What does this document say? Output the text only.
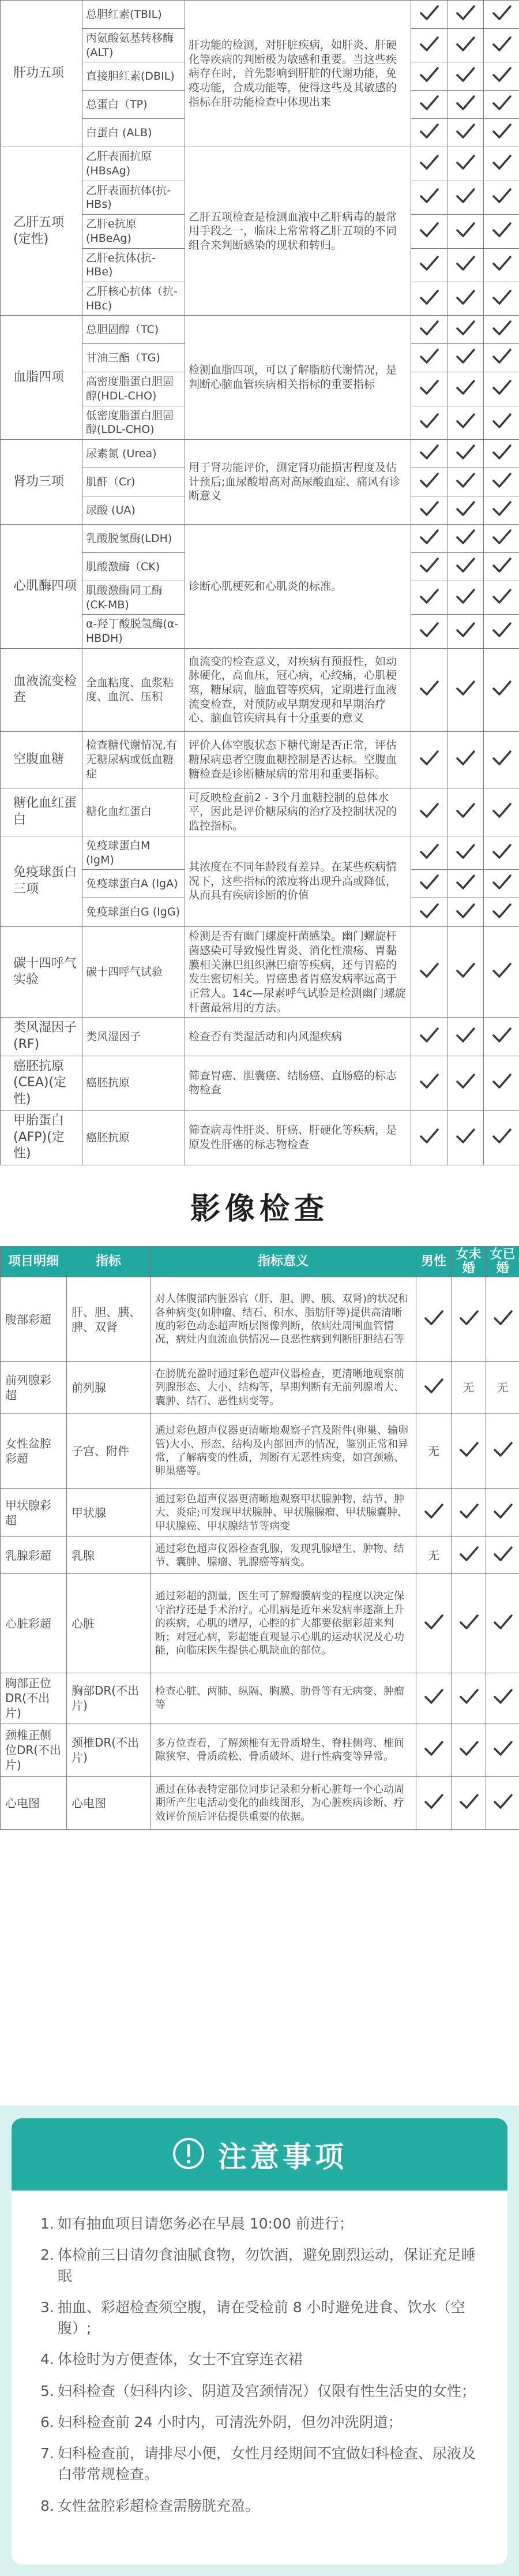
肝功五项	总胆红素(TBIL)	肝功能的检测，对肝脏疾病，如肝炎、肝硬化等疾病的判断极为敏感和重要。当这些疾病存在时，首先影响到肝脏的代谢功能，免疫功能，合成功能等，使得这些及其敏感的指标在肝功能检查中体现出来	

	丙氨酸氨基转移酶(ALT)	

	直接胆红素(DBIL)	

	总蛋白（TP)	

	白蛋白 (ALB)	

乙肝五项(定性)	乙肝表面抗原(HBsAg)	乙肝五项检查是检测血液中乙肝病毒的最常用手段之一，临床上常常将乙肝五项的不同组合来判断感染的现状和转归。	

	乙肝表面抗体(抗-HBs)	

	乙肝e抗原(HBeAg)	

	乙肝e抗体(抗-HBe)	

	乙肝核心抗体（抗-HBc)	

血脂四项	总胆固醇（TC)	检测血脂四项，可以了解脂肪代谢情况，是判断心脑血管疾病相关指标的重要指标	

	甘油三酯（TG)	

	高密度脂蛋白胆固醇(HDL-CHO)	

	低密度脂蛋白胆固醇(LDL-CHO)	

肾功三项	尿素氮 (Urea)	用于肾功能评价，测定肾功能损害程度及估计预后;血尿酸增高对高尿酸血症、痛风有诊断意义	

	肌酐（Cr)	

	尿酸 (UA)	

心肌酶四项	乳酸脱氢酶(LDH)	诊断心肌梗死和心肌炎的标准。	

	肌酸激酶（CK)	

	肌酸激酶同工酶(CK-MB)	

	α-羟丁酸脱氢酶(α-HBDH)	

血液流变检查	全血粘度、血浆粘度、血沉、压积	血流变的检查意义，对疾病有预报性，如动脉硬化，高血压，冠心病，心绞痛，心肌梗塞，糖尿病，脑血管等疾病，定期进行血液流变检查，对预防或早期发现和早期治疗心、脑血管疾病具有十分重要的意义	

空腹血糖	检查糖代谢情况,有无糖尿病或低血糖症	评价人体空腹状态下糖代谢是否正常，评估糖尿病患者空腹血糖控制是否达标。空腹血糖检查是诊断糖尿病的常用和重要指标。	

糖化血红蛋白	糖化血红蛋白	可反映检查前2 - 3个月血糖控制的总体水平，因此是评价糖尿病的治疗及控制状况的监控指标。	

免疫球蛋白三项	免疫球蛋白M (IgM)	其浓度在不同年龄段有差异。在某些疾病情况下，这些指标的浓度将出现升高或降低，从而具有疾病诊断的价值	

	免疫球蛋白A (IgA)	

	免疫球蛋白G (IgG)	

碳十四呼气实验	碳十四呼气试验	检测是否有幽门螺旋杆菌感染。幽门螺旋杆菌感染可导致慢性胃炎、消化性溃疡、胃黏膜相关淋巴组织淋巴瘤等疾病，还与胃癌的发生密切相关。胃癌患者胃癌发病率远高于正常人。14c—尿素呼气试验是检测幽门螺旋杆菌最常用的方法。	

类风湿因子(RF)	类风湿因子	检查否有类湿活动和内风湿疾病	

癌胚抗原(CEA)(定性)	癌胚抗原	筛查胃癌、胆囊癌、结肠癌、直肠癌的标志物检查	

甲胎蛋白(AFP)(定性)	癌胚抗原	筛查病毒性肝炎、肝癌、肝硬化等疾病，是原发性肝癌的标志物检查	

影像检查
项目明细	指标	指标意义	男性	女未婚	女已婚
腹部彩超	肝、胆、胰、脾、双肾	对人体腹部内脏器官（肝、胆、脾、胰、双肾)的状况和各种病变(如肿瘤、结石、积水、脂肪肝等)提供高清晰度的彩色动态超声断层图像判断，依病灶周围血管情况，病灶内血流血供情况—良恶性病到判断肝胆结石等	

前列腺彩超	前列腺	在膀胱充盈时通过彩色超声仪器检查，更清晰地观察前列腺形态、大小、结构等，早期判断有无前列腺增大、囊肿、结石、恶性病变等。		无	无
女性盆腔彩超	子宫、附件	通过彩色超声仪器更清晰地观察子宫及附件(卵巢、输卵管)大小、形态、结构及内部回声的情况，鉴别正常和异常，了解病变的性质，判断有无恶性病变，如宫颈癌、卵巢癌等。	无	

甲状腺彩超	甲状腺	通过彩色超声仪器更清晰地观察甲状腺肿物、结节、肿大、炎症;可发现甲状腺肿、甲状腺腺瘤、甲状腺囊肿、甲状腺癌、甲状腺结节等病变	

乳腺彩超	乳腺	通过彩色超声仪器检查乳腺，发现乳腺增生、肿物、结节、囊肿、腺瘤、乳腺癌等病变。	无	

心脏彩超	心脏	通过彩超的测量，医生可了解瓣膜病变的程度以决定保守治疗还是手术治疗。心肌病是近年来发病率逐渐上升的疾病，心肌的增厚，心腔的扩大都要依据彩超来判断；对冠心病，彩超能直观显示心肌的运动状况及心功能，向临床医生提供心肌缺血的部位。	

胸部正位DR(不出片)	胸部DR(不出片)	检查心脏、两肺、纵隔、胸膜、肋骨等有无病变、肿瘤等	

颈椎正侧位DR(不出片)	颈椎DR(不出片)	多方位查看，了解颈椎有无骨质增生、脊柱侧弯、椎间隙狭窄、骨质疏松、骨质破坏、进行性病变等异常。	

心电图	心电图	通过在体表特定部位同步记录和分析心脏每一个心动周期所产生电活动变化的曲线图形，为心脏疾病诊断、疗效评价预后评估提供重要的依据。	

注意事项
1. 如有抽血项目请您务必在早晨 10:00 前进行；
2. 体检前三日请勿食油腻食物，勿饮酒，避免剧烈运动，保证充足睡眠
3. 抽血、彩超检查须空腹，请在受检前 8 小时避免进食、饮水（空腹）;
4. 体检时为方便查体，女士不宜穿连衣裙
5. 妇科检查（妇科内诊、阴道及宫颈情况）仅限有性生活史的女性；
6. 妇科检查前 24 小时内，可清洗外阴，但勿冲洗阴道；
7. 妇科检查前，请排尽小便，女性月经期间不宜做妇科检查、尿液及白带常规检查。
8. 女性盆腔彩超检查需膀胱充盈。
